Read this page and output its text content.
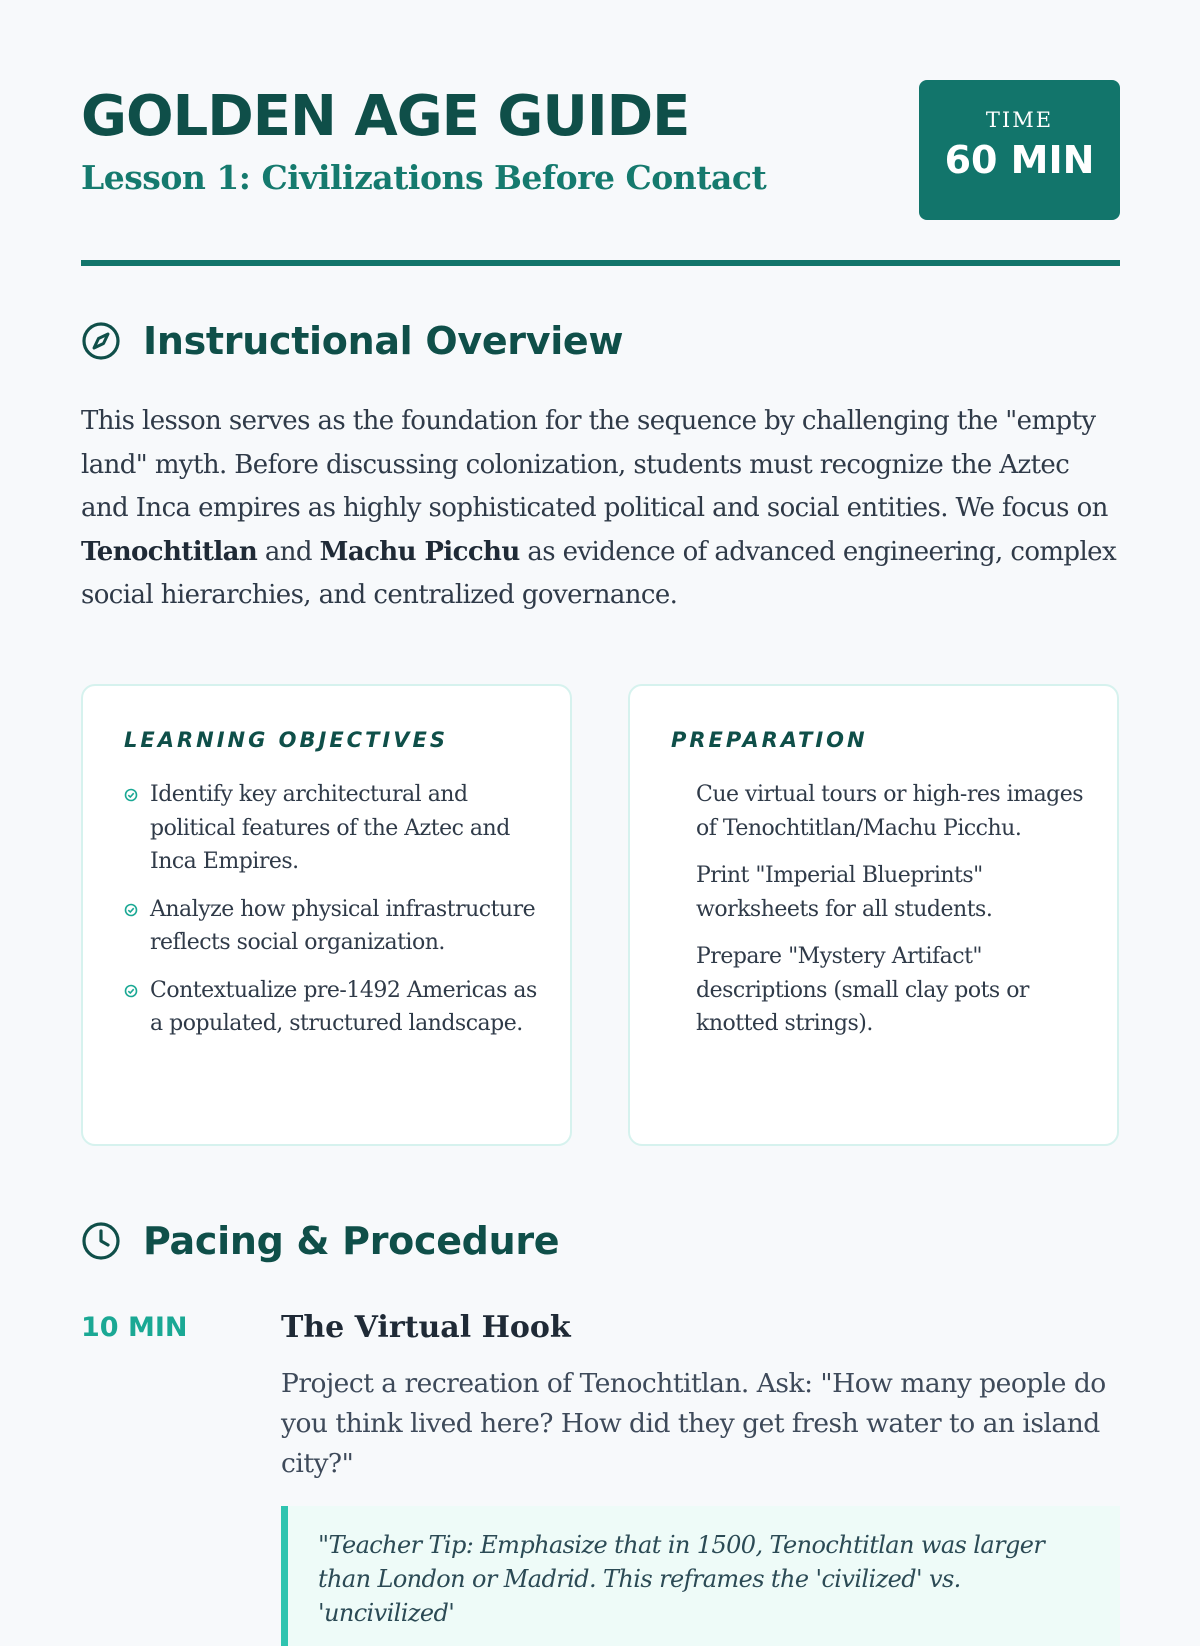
GOLDEN AGE GUIDE
Lesson 1: Civilizations Before Contact
TIME
60 MIN
Instructional Overview

This lesson serves as the foundation for the sequence by challenging the "empty land" myth. Before discussing colonization, students must recognize the Aztec and Inca empires as highly sophisticated political and social entities. We focus on Tenochtitlan and Machu Picchu as evidence of advanced engineering, complex social hierarchies, and centralized governance.

LEARNING OBJECTIVES
Identify key architectural and political features of the Aztec and Inca Empires.
Analyze how physical infrastructure reflects social organization.
Contextualize pre-1492 Americas as a populated, structured landscape.
PREPARATION
Cue virtual tours or high-res images of Tenochtitlan/Machu Picchu.
Print "Imperial Blueprints" worksheets for all students.
Prepare "Mystery Artifact" descriptions (small clay pots or knotted strings).
Pacing & Procedure
10 MIN	The Virtual Hook

Project a recreation of Tenochtitlan. Ask: "How many people do you think lived here? How did they get fresh water to an island city?"

"Teacher Tip: Emphasize that in 1500, Tenochtitlan was larger than London or Madrid. This reframes the 'civilized' vs. 'uncivilized'
